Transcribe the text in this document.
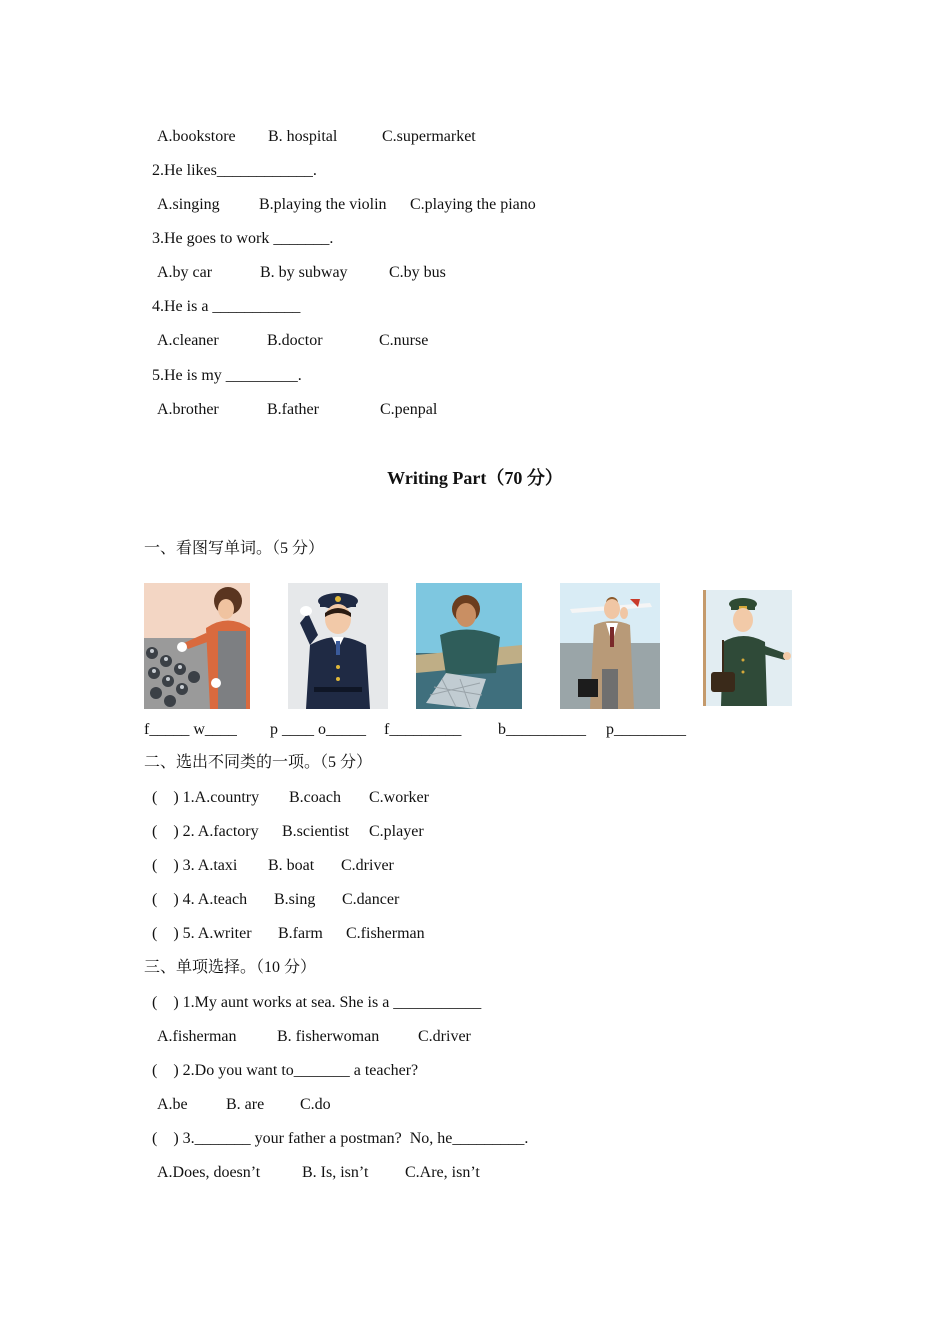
A.bookstore B. hospital	C.supermarket
2.He likes____________.
A.singing B.playing the violin C.playing the piano
3.He goes to work _______.
A.by car	B. by subway	C.by bus
4.He is a ___________
A.cleaner	B.doctor	C.nurse
5.He is my _________.
A.brother	B.father	C.penpal
Writing Part（70 分）
一、看图写单词。（5 分）
f_____ w____ p ____ o_____ f_________ b__________ p_________
二、选出不同类的一项。（5 分）
(    ) 1.A.country B.coach C.worker
(    ) 2. A.factory B.scientist C.player
(    ) 3. A.taxi B. boat C.driver
(    ) 4. A.teach B.sing C.dancer
(    ) 5. A.writer B.farm C.fisherman
三、单项选择。（10 分）
(    ) 1.My aunt works at sea. She is a ___________
A.fisherman	B. fisherwoman C.driver
(    ) 2.Do you want to_______ a teacher?
A.be B. are C.do
(    ) 3._______ your father a postman?  No, he_________.
A.Does, doesn’t	B. Is, isn’t C.Are, isn’t
